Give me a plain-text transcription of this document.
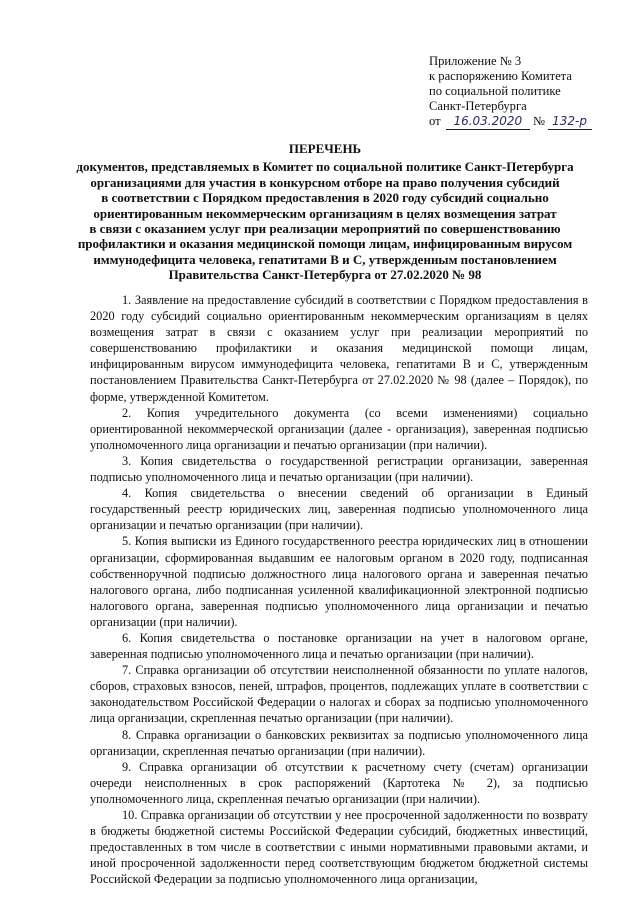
Приложение № 3
к распоряжению Комитета
по социальной политике
Санкт-Петербурга
от 16.03.2020 № 132-р
ПЕРЕЧЕНЬ
документов, представляемых в Комитет по социальной политике Санкт-Петербурга
организациями для участия в конкурсном отборе на право получения субсидий
в соответствии с Порядком предоставления в 2020 году субсидий социально
ориентированным некоммерческим организациям в целях возмещения затрат
в связи с оказанием услуг при реализации мероприятий по совершенствованию
профилактики и оказания медицинской помощи лицам, инфицированным вирусом
иммунодефицита человека, гепатитами В и С, утвержденным постановлением
Правительства Санкт-Петербурга от 27.02.2020 № 98

1. Заявление на предоставление субсидий в соответствии с Порядком предоставления в 2020 году субсидий социально ориентированным некоммерческим организациям в целях возмещения затрат в связи с оказанием услуг при реализации мероприятий по совершенствованию профилактики и оказания медицинской помощи лицам, инфицированным вирусом иммунодефицита человека, гепатитами В и С, утвержденным постановлением Правительства Санкт-Петербурга от 27.02.2020 № 98 (далее – Порядок), по форме, утвержденной Комитетом.

2. Копия учредительного документа (со всеми изменениями) социально ориентированной некоммерческой организации (далее - организация), заверенная подписью уполномоченного лица организации и печатью организации (при наличии).

3. Копия свидетельства о государственной регистрации организации, заверенная подписью уполномоченного лица и печатью организации (при наличии).

4. Копия свидетельства о внесении сведений об организации в Единый государственный реестр юридических лиц, заверенная подписью уполномоченного лица организации и печатью организации (при наличии).

5. Копия выписки из Единого государственного реестра юридических лиц в отношении организации, сформированная выдавшим ее налоговым органом в 2020 году, подписанная собственноручной подписью должностного лица налогового органа и заверенная печатью налогового органа, либо подписанная усиленной квалификационной электронной подписью налогового органа, заверенная подписью уполномоченного лица организации и печатью организации (при наличии).

6. Копия свидетельства о постановке организации на учет в налоговом органе, заверенная подписью уполномоченного лица и печатью организации (при наличии).

7. Справка организации об отсутствии неисполненной обязанности по уплате налогов, сборов, страховых взносов, пеней, штрафов, процентов, подлежащих уплате в соответствии с законодательством Российской Федерации о налогах и сборах за подписью уполномоченного лица организации, скрепленная печатью организации (при наличии).

8. Справка организации о банковских реквизитах за подписью уполномоченного лица организации, скрепленная печатью организации (при наличии).

9. Справка организации об отсутствии к расчетному счету (счетам) организации очереди неисполненных в срок распоряжений (Картотека № 2), за подписью уполномоченного лица, скрепленная печатью организации (при наличии).

10. Справка организации об отсутствии у нее просроченной задолженности по возврату в бюджеты бюджетной системы Российской Федерации субсидий, бюджетных инвестиций, предоставленных в том числе в соответствии с иными нормативными правовыми актами, и иной просроченной задолженности перед соответствующим бюджетом бюджетной системы Российской Федерации за подписью уполномоченного лица организации,
